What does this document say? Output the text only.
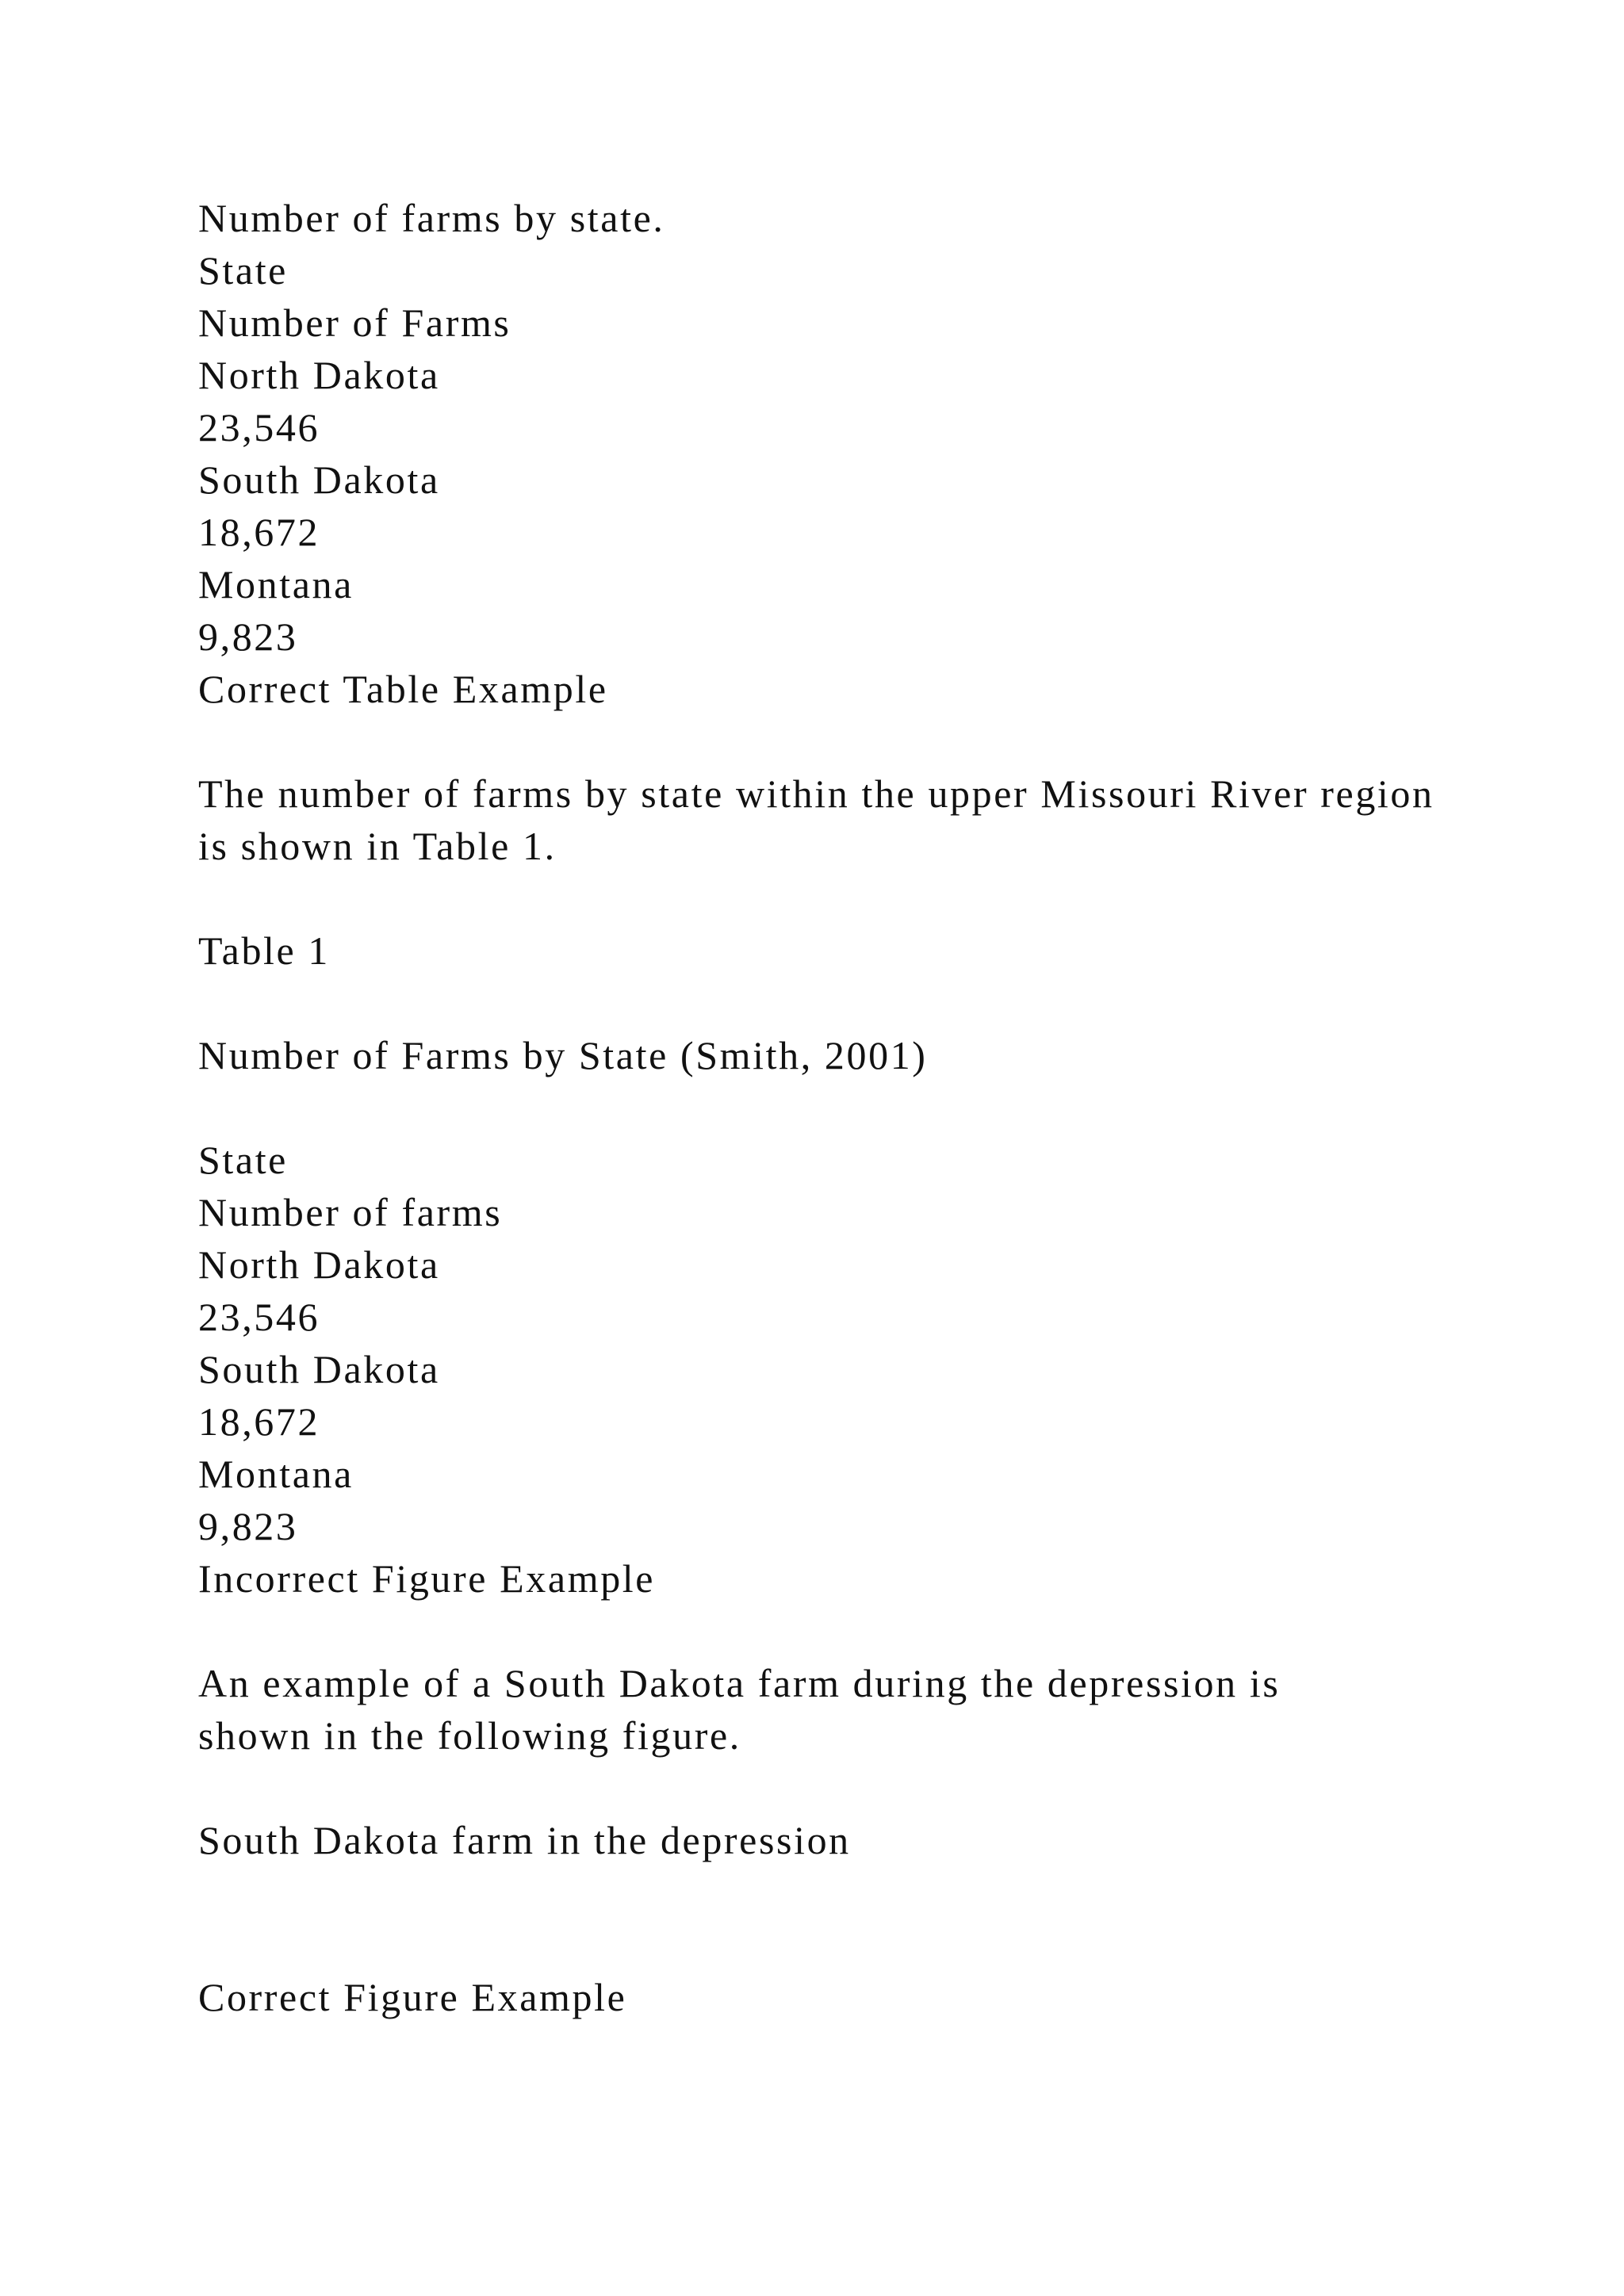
Number of farms by state.
State
Number of Farms
North Dakota
23,546
South Dakota
18,672
Montana
9,823
Correct Table Example
The number of farms by state within the upper Missouri River region is shown in Table 1.
Table 1
Number of Farms by State (Smith, 2001)
State
Number of farms
North Dakota
23,546
South Dakota
18,672
Montana
9,823
Incorrect Figure Example
An example of a South Dakota farm during the depression is
shown in the following figure.
South Dakota farm in the depression
Correct Figure Example
